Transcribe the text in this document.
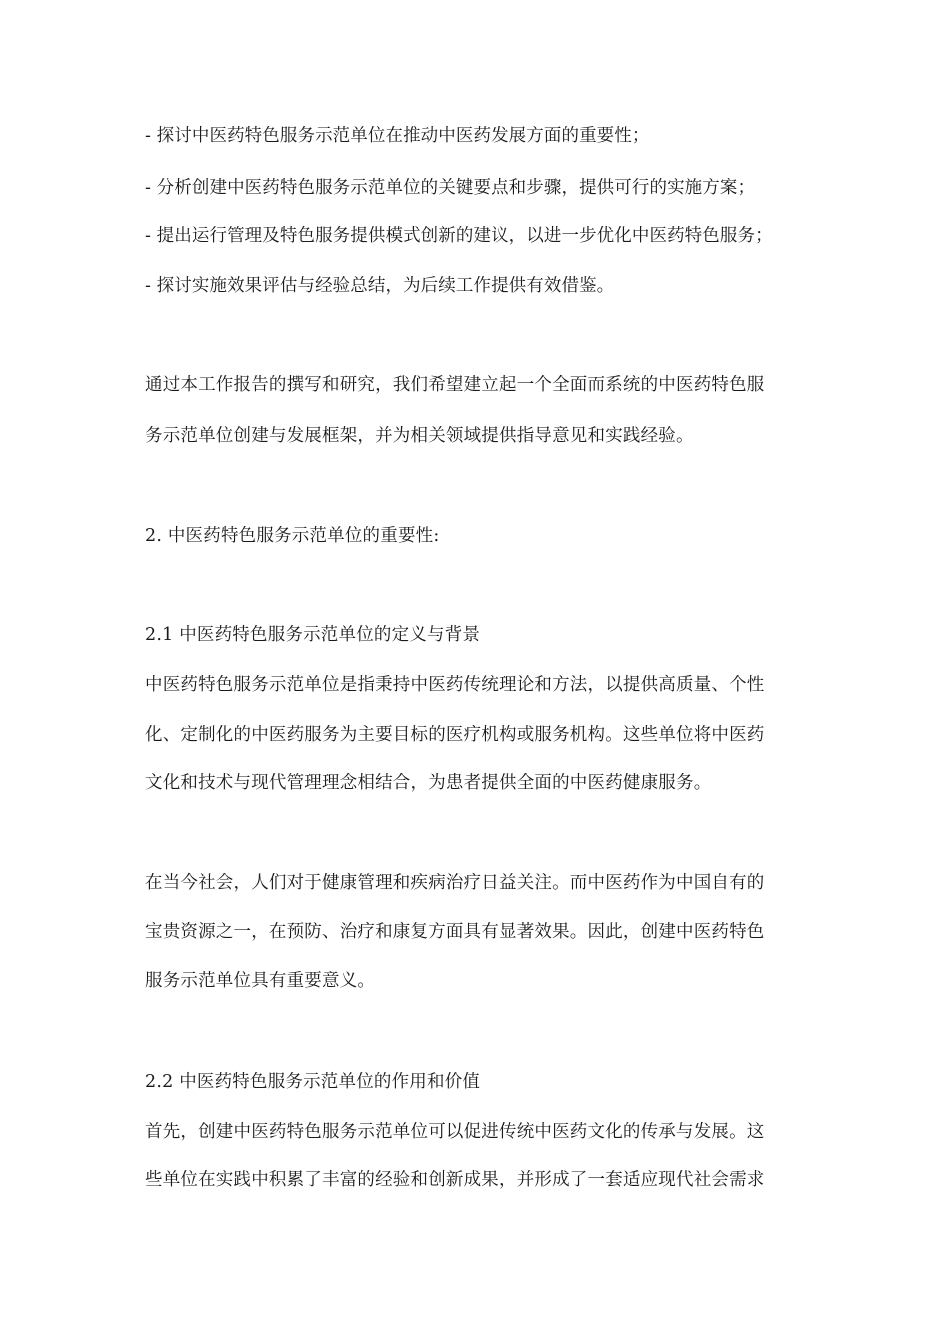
- 探讨中医药特色服务示范单位在推动中医药发展方面的重要性；
- 分析创建中医药特色服务示范单位的关键要点和步骤，提供可行的实施方案；
- 提出运行管理及特色服务提供模式创新的建议，以进一步优化中医药特色服务；
- 探讨实施效果评估与经验总结，为后续工作提供有效借鉴。
通过本工作报告的撰写和研究，我们希望建立起一个全面而系统的中医药特色服
务示范单位创建与发展框架，并为相关领域提供指导意见和实践经验。
2. 中医药特色服务示范单位的重要性:
2.1 中医药特色服务示范单位的定义与背景
中医药特色服务示范单位是指秉持中医药传统理论和方法，以提供高质量、个性
化、定制化的中医药服务为主要目标的医疗机构或服务机构。这些单位将中医药
文化和技术与现代管理理念相结合，为患者提供全面的中医药健康服务。
在当今社会，人们对于健康管理和疾病治疗日益关注。而中医药作为中国自有的
宝贵资源之一，在预防、治疗和康复方面具有显著效果。因此，创建中医药特色
服务示范单位具有重要意义。
2.2 中医药特色服务示范单位的作用和价值
首先，创建中医药特色服务示范单位可以促进传统中医药文化的传承与发展。这
些单位在实践中积累了丰富的经验和创新成果，并形成了一套适应现代社会需求
